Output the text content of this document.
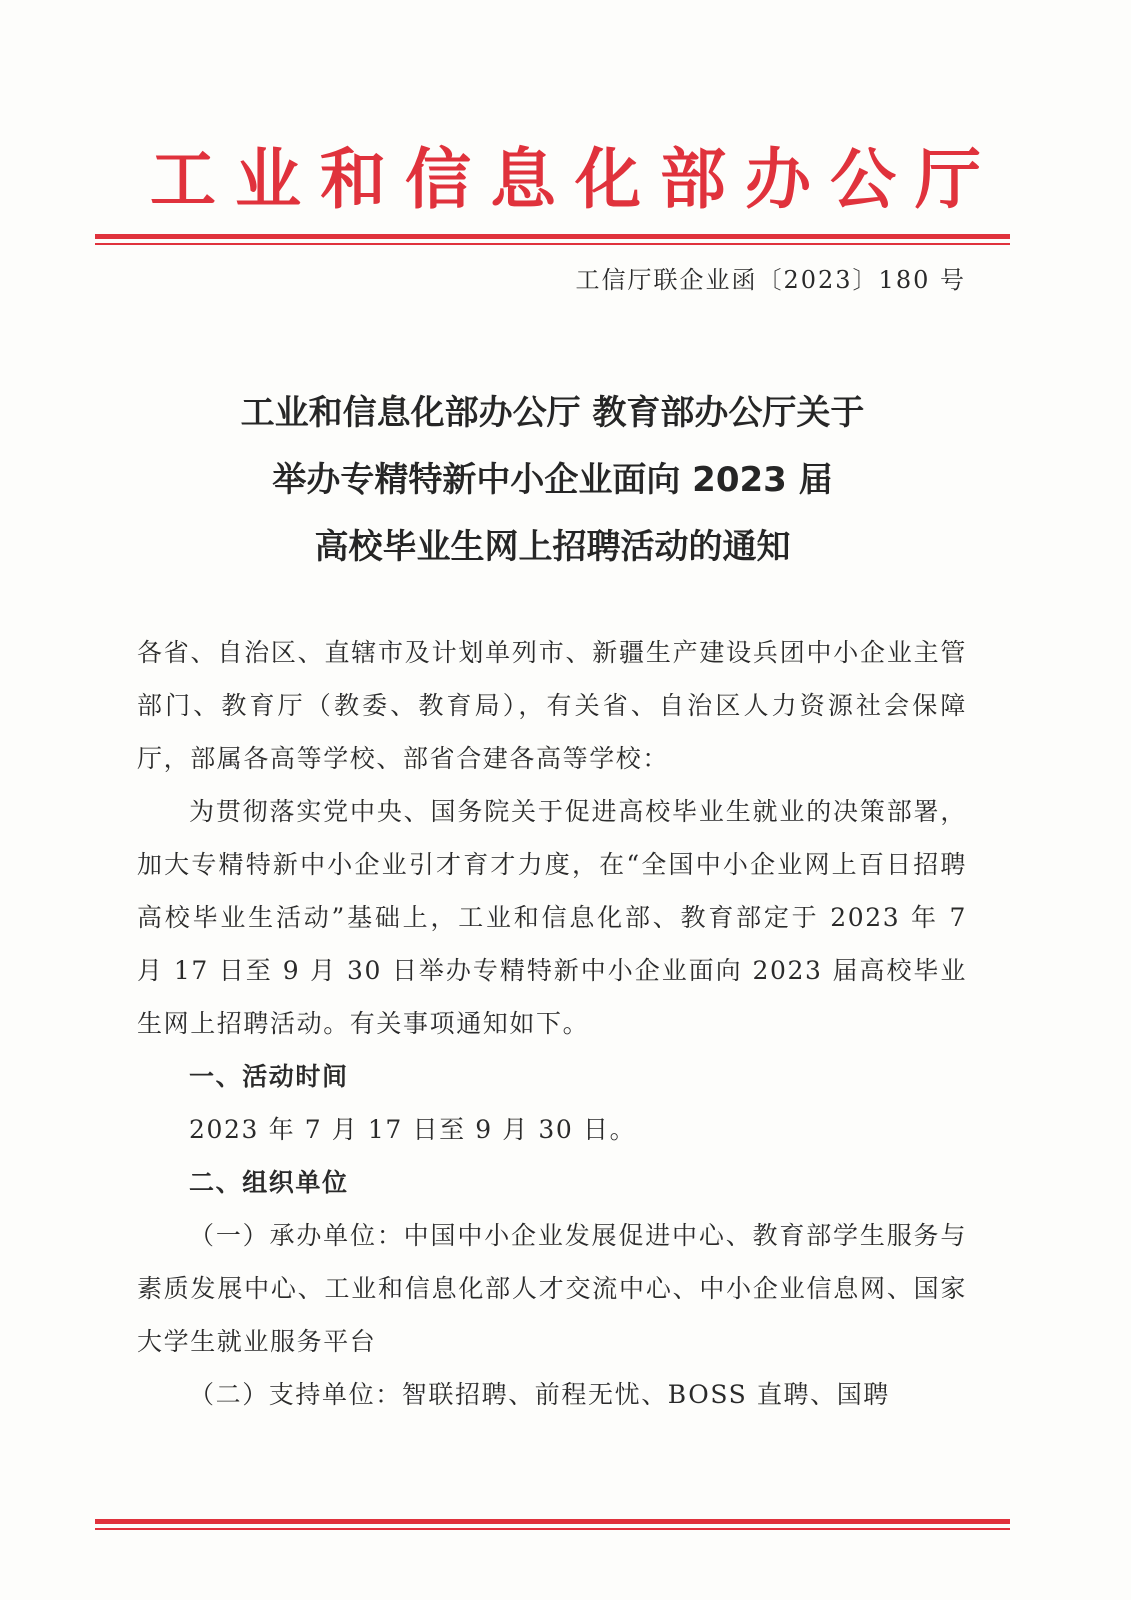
工业和信息化部办公厅
工信厅联企业函〔2023〕180 号
工业和信息化部办公厅 教育部办公厅关于
举办专精特新中小企业面向 2023 届
高校毕业生网上招聘活动的通知

各省、自治区、直辖市及计划单列市、新疆生产建设兵团中小企业主管部门、教育厅（教委、教育局），有关省、自治区人力资源社会保障厅，部属各高等学校、部省合建各高等学校：

为贯彻落实党中央、国务院关于促进高校毕业生就业的决策部署，加大专精特新中小企业引才育才力度，在“全国中小企业网上百日招聘高校毕业生活动”基础上，工业和信息化部、教育部定于 2023 年 7 月 17 日至 9 月 30 日举办专精特新中小企业面向 2023 届高校毕业生网上招聘活动。有关事项通知如下。

一、活动时间

2023 年 7 月 17 日至 9 月 30 日。

二、组织单位

（一）承办单位：中国中小企业发展促进中心、教育部学生服务与素质发展中心、工业和信息化部人才交流中心、中小企业信息网、国家大学生就业服务平台

（二）支持单位：智联招聘、前程无忧、BOSS 直聘、国聘
